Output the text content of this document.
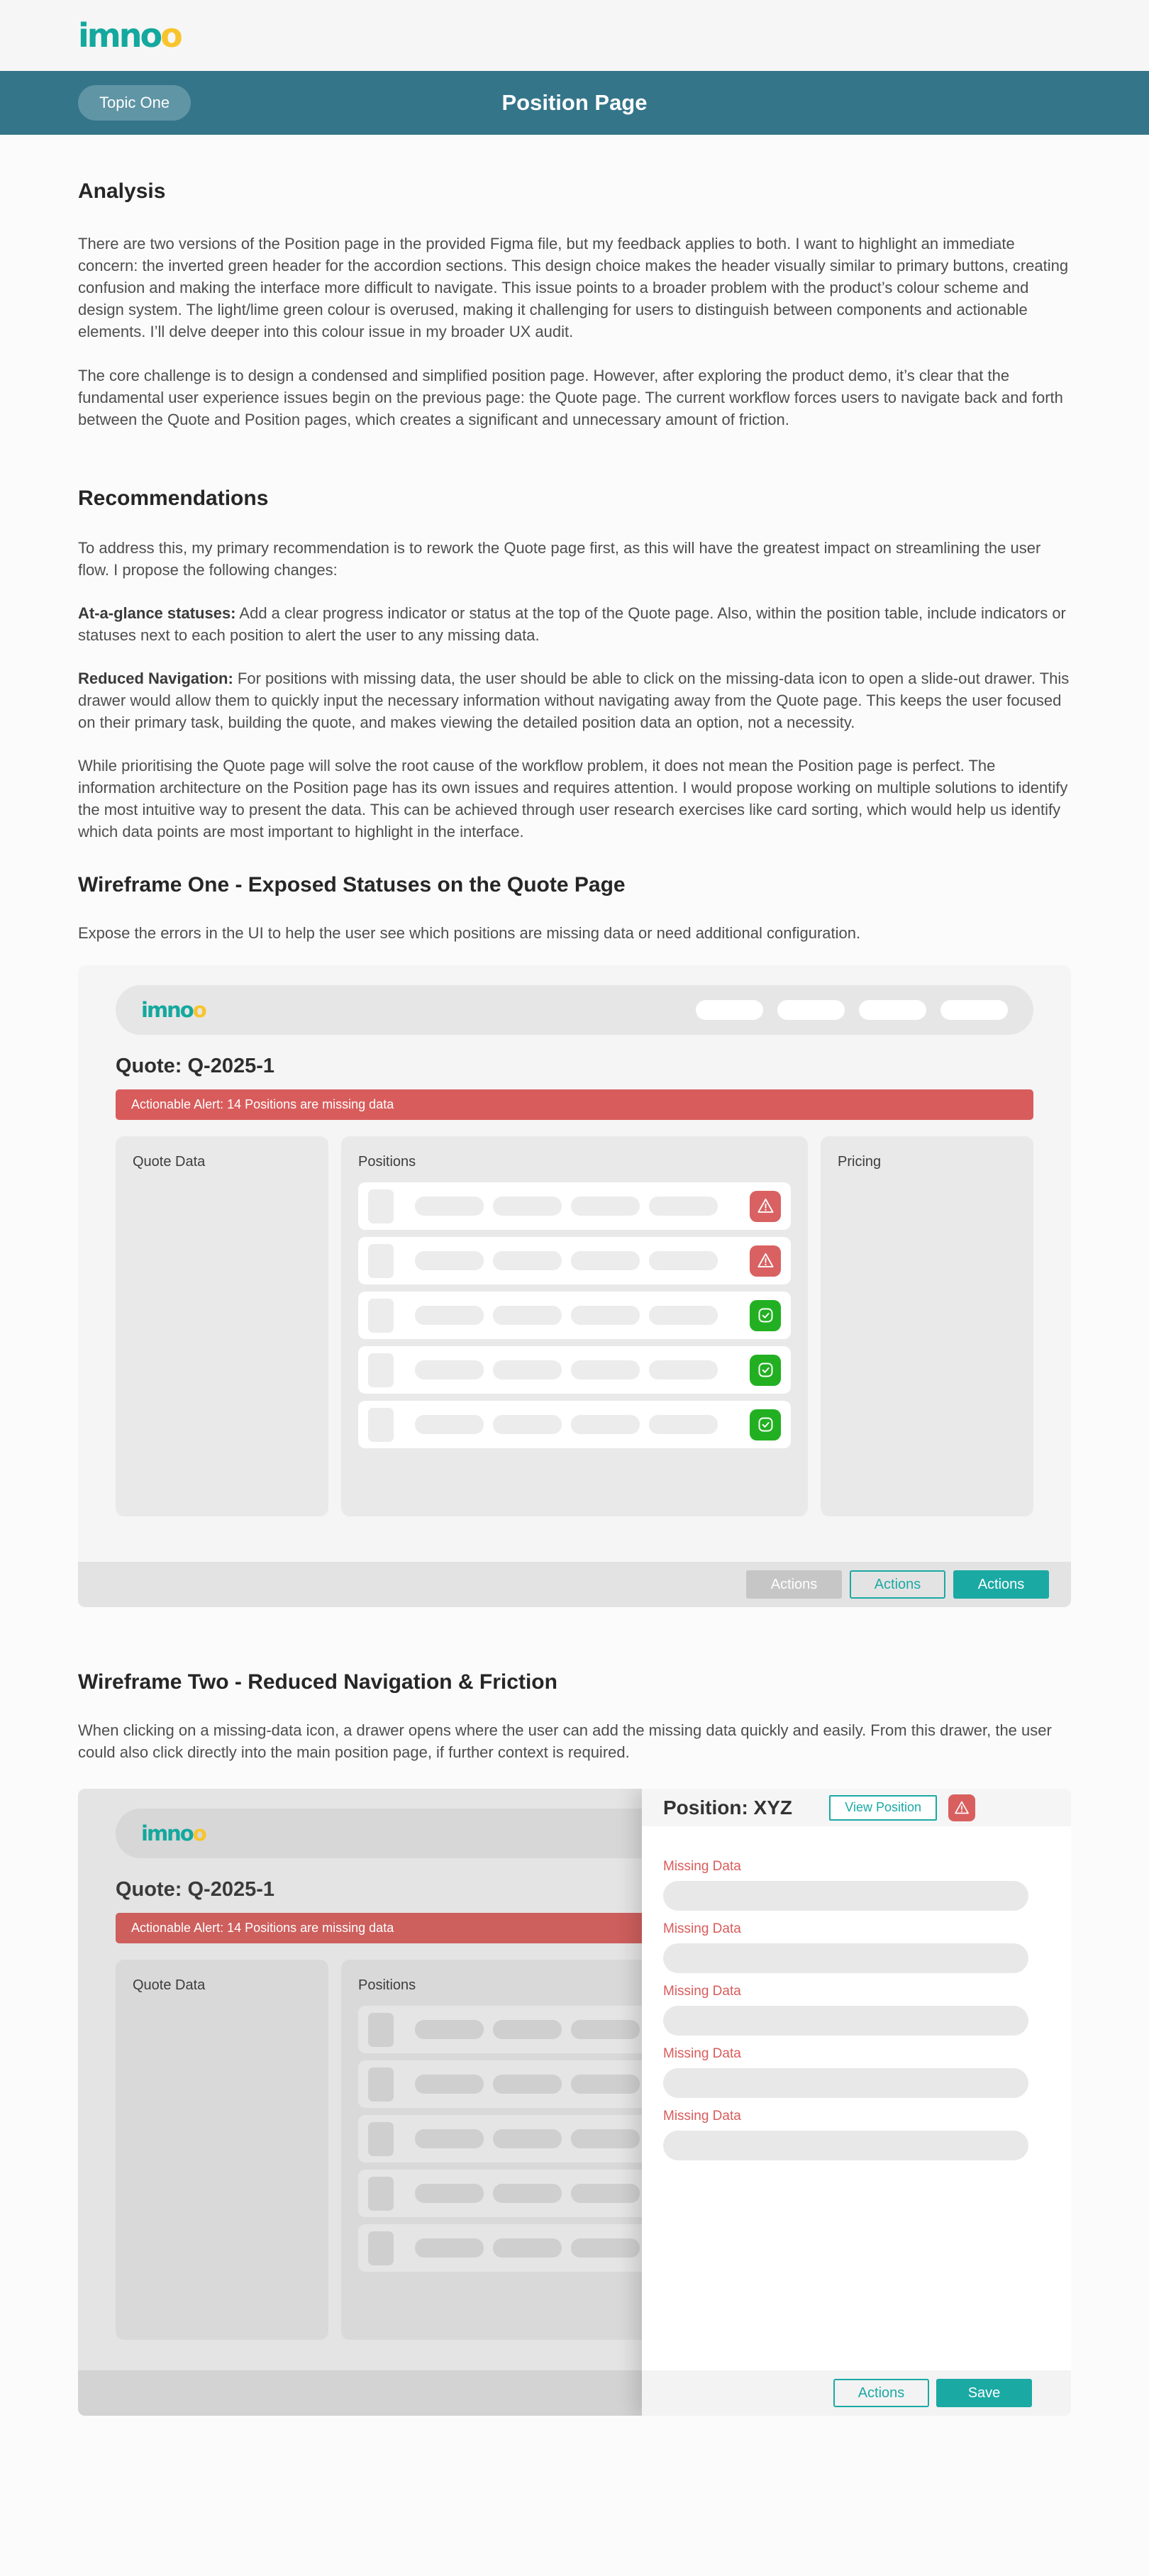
imnoo
Topic One	Position Page
Analysis

There are two versions of the Position page in the provided Figma file, but my feedback applies to both. I want to highlight an immediate concern: the inverted green header for the accordion sections. This design choice makes the header visually similar to primary buttons, creating confusion and making the interface more difficult to navigate. This issue points to a broader problem with the product’s colour scheme and design system. The light/lime green colour is overused, making it challenging for users to distinguish between components and actionable elements. I’ll delve deeper into this colour issue in my broader UX audit.

The core challenge is to design a condensed and simplified position page. However, after exploring the product demo, it’s clear that the fundamental user experience issues begin on the previous page: the Quote page. The current workflow forces users to navigate back and forth between the Quote and Position pages, which creates a significant and unnecessary amount of friction.

Recommendations

To address this, my primary recommendation is to rework the Quote page first, as this will have the greatest impact on streamlining the user flow. I propose the following changes:

At-a-glance statuses: Add a clear progress indicator or status at the top of the Quote page. Also, within the position table, include indicators or statuses next to each position to alert the user to any missing data.

Reduced Navigation: For positions with missing data, the user should be able to click on the missing-data icon to open a slide-out drawer. This drawer would allow them to quickly input the necessary information without navigating away from the Quote page. This keeps the user focused on their primary task, building the quote, and makes viewing the detailed position data an option, not a necessity.

While prioritising the Quote page will solve the root cause of the workflow problem, it does not mean the Position page is perfect. The information architecture on the Position page has its own issues and requires attention. I would propose working on multiple solutions to identify the most intuitive way to present the data. This can be achieved through user research exercises like card sorting, which would help us identify which data points are most important to highlight in the interface.

Wireframe One - Exposed Statuses on the Quote Page

Expose the errors in the UI to help the user see which positions are missing data or need additional configuration.

imnoo
Quote: Q-2025-1
Actionable Alert: 14 Positions are missing data
Quote Data	Positions	Pricing
Actions	Actions	Actions
Wireframe Two - Reduced Navigation & Friction

When clicking on a missing-data icon, a drawer opens where the user can add the missing data quickly and easily. From this drawer, the user could also click directly into the main position page, if further context is required.

imnoo
Quote: Q-2025-1
Actionable Alert: 14 Positions are missing data
Quote Data	Positions
Position: XYZ	View Position
Missing Data
Missing Data
Missing Data
Missing Data
Missing Data
Actions	Save
